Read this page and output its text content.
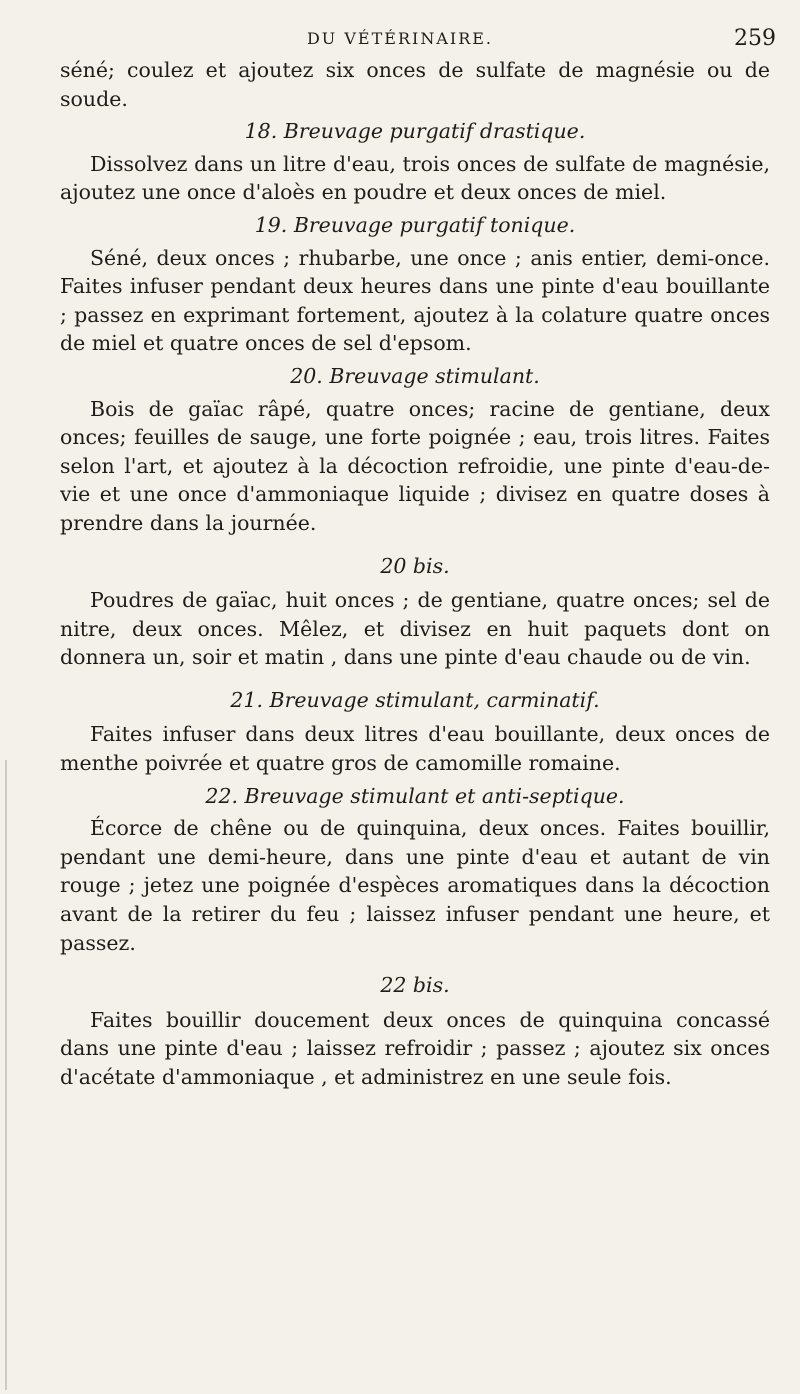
DU VÉTÉRINAIRE.	259

séné; coulez et ajoutez six onces de sulfate de magnésie ou de soude.

18. Breuvage purgatif drastique.

Dissolvez dans un litre d'eau, trois onces de sulfate de magnésie, ajoutez une once d'aloès en poudre et deux onces de miel.

19. Breuvage purgatif tonique.

Séné, deux onces ; rhubarbe, une once ; anis entier, demi-once. Faites infuser pendant deux heures dans une pinte d'eau bouillante ; passez en exprimant fortement, ajoutez à la colature quatre onces de miel et quatre onces de sel d'epsom.

20. Breuvage stimulant.

Bois de gaïac râpé, quatre onces; racine de gentiane, deux onces; feuilles de sauge, une forte poignée ; eau, trois litres. Faites selon l'art, et ajoutez à la décoction refroidie, une pinte d'eau-de-vie et une once d'ammoniaque liquide ; divisez en quatre doses à prendre dans la journée.

20 bis.

Poudres de gaïac, huit onces ; de gentiane, quatre onces; sel de nitre, deux onces. Mêlez, et divisez en huit paquets dont on donnera un, soir et matin , dans une pinte d'eau chaude ou de vin.

21. Breuvage stimulant, carminatif.

Faites infuser dans deux litres d'eau bouillante, deux onces de menthe poivrée et quatre gros de camomille romaine.

22. Breuvage stimulant et anti-septique.

Écorce de chêne ou de quinquina, deux onces. Faites bouillir, pendant une demi-heure, dans une pinte d'eau et autant de vin rouge ; jetez une poignée d'espèces aromatiques dans la décoction avant de la retirer du feu ; laissez infuser pendant une heure, et passez.

22 bis.

Faites bouillir doucement deux onces de quinquina concassé dans une pinte d'eau ; laissez refroidir ; passez ; ajoutez six onces d'acétate d'ammoniaque , et administrez en une seule fois.
